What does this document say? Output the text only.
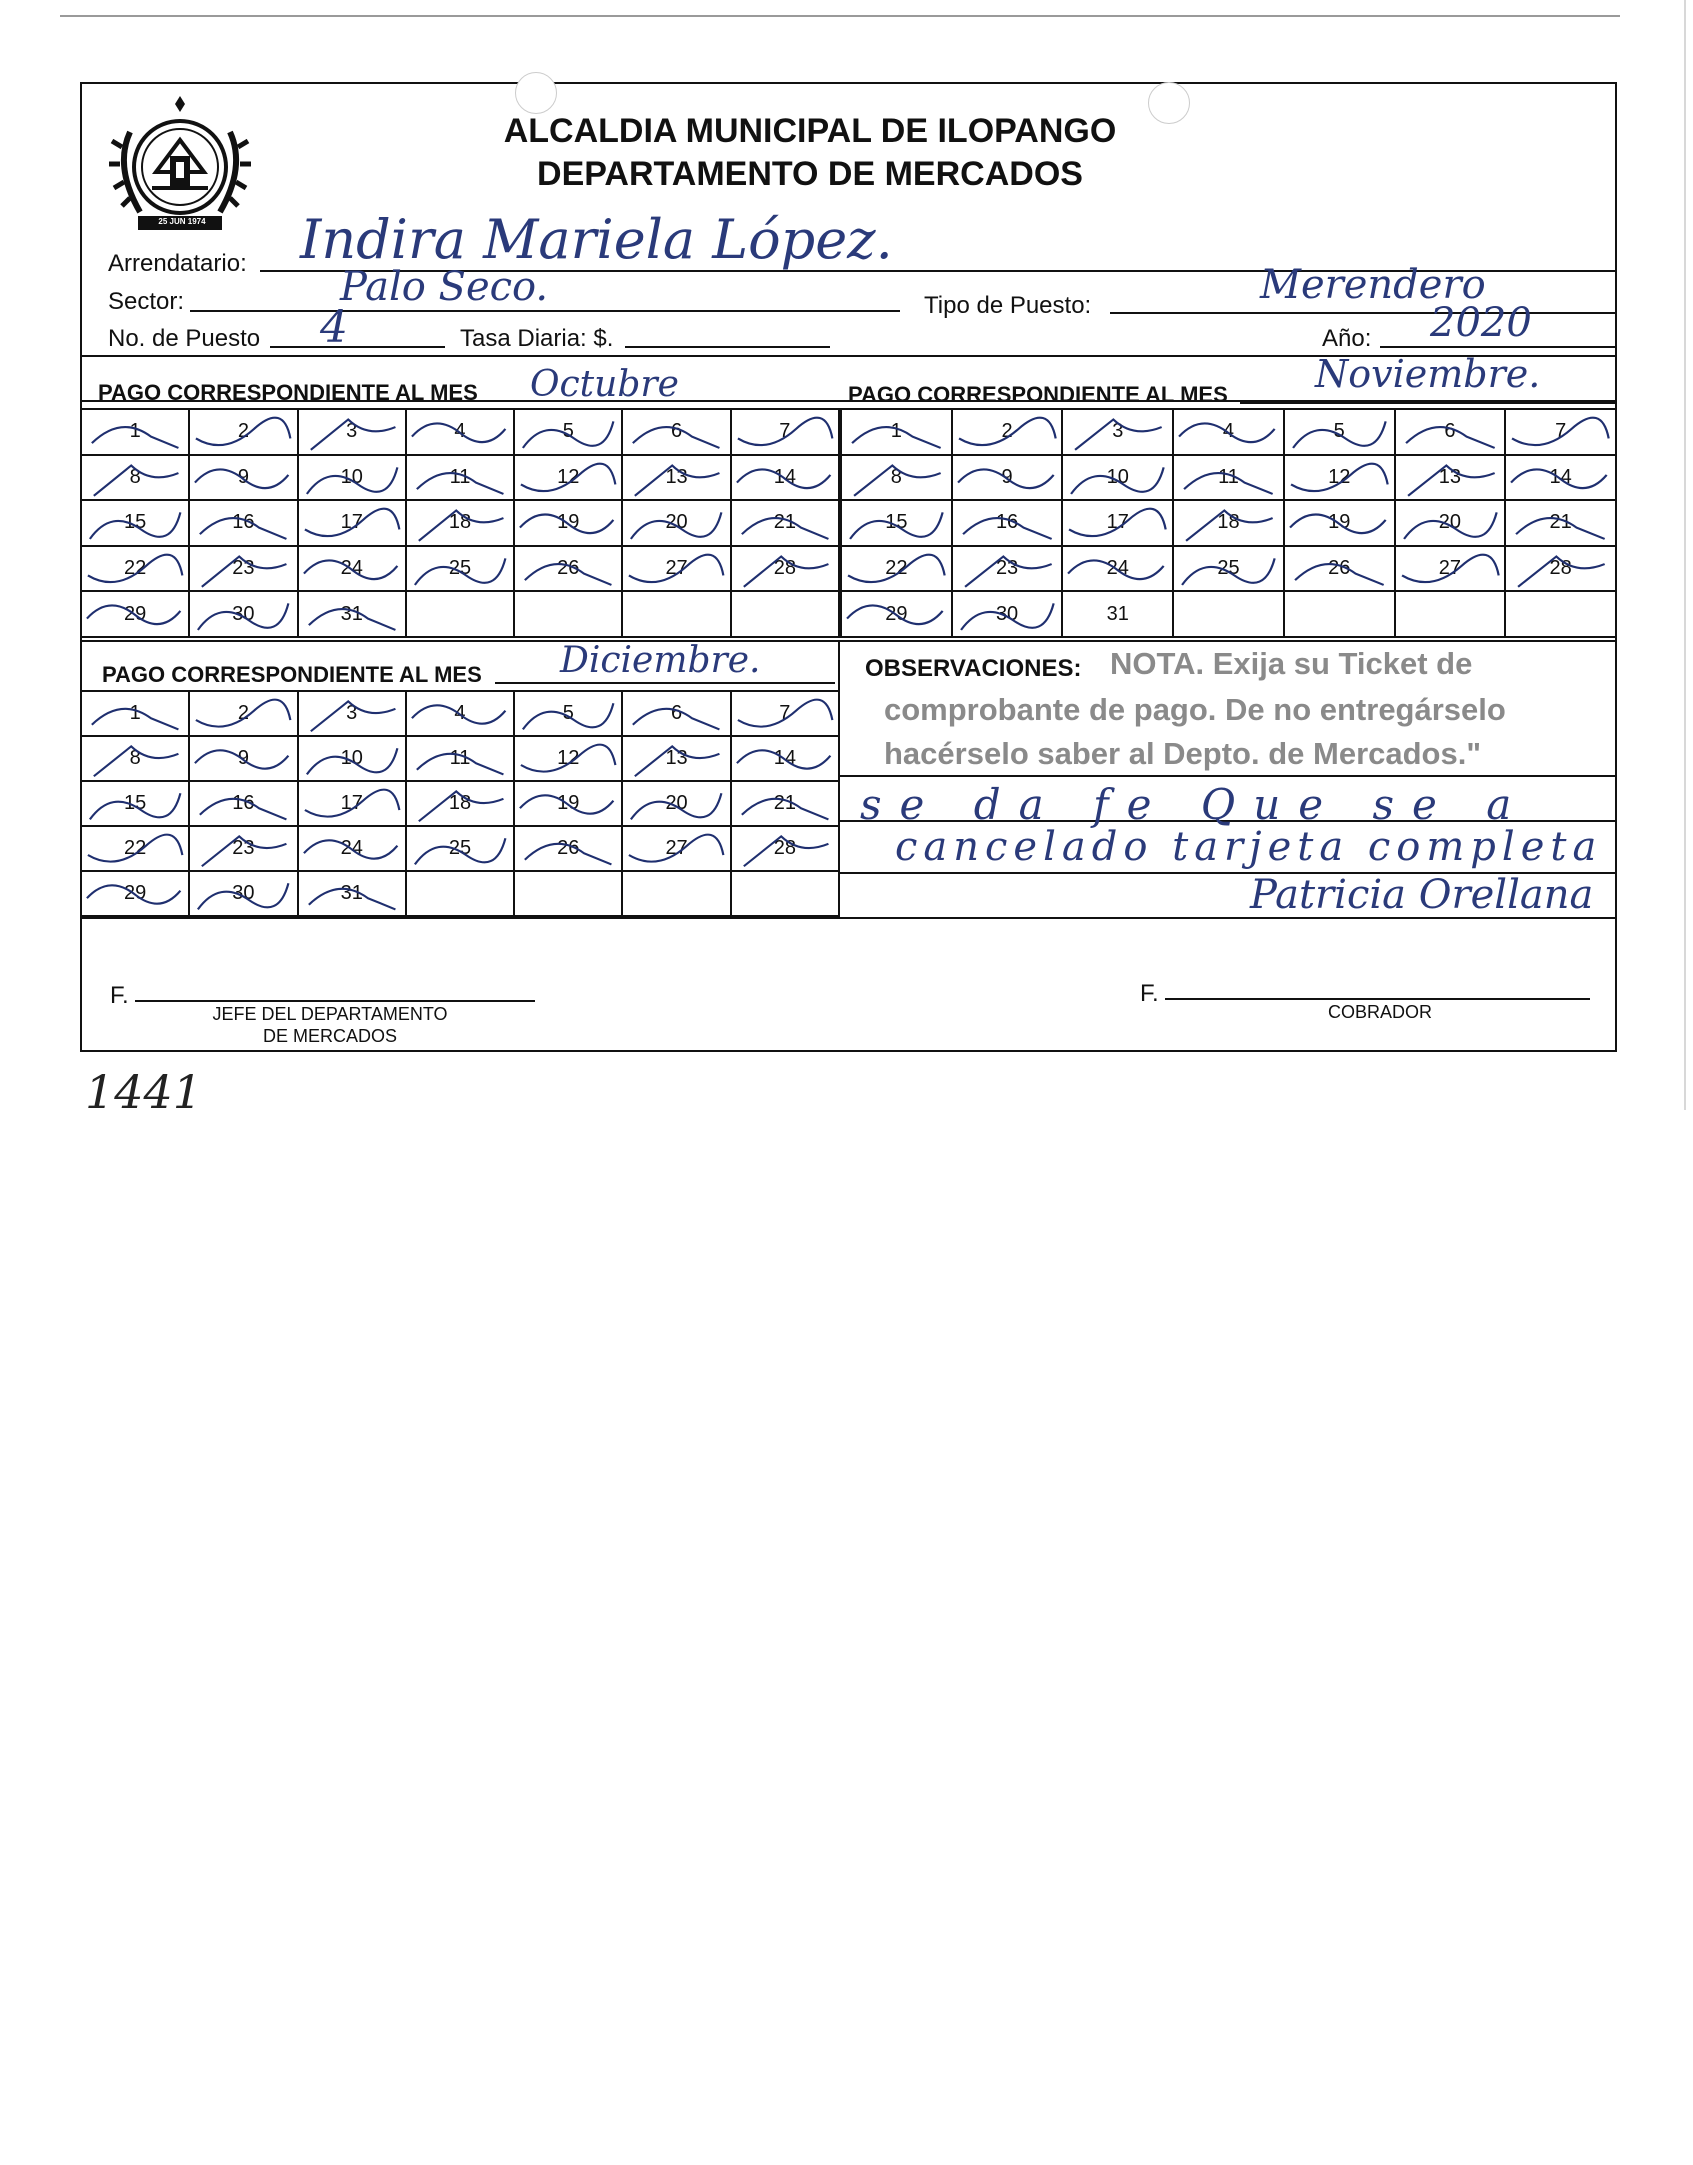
25 JUN 1974
ALCALDIA MUNICIPAL DE ILOPANGO
DEPARTAMENTO DE MERCADOS
Arrendatario: Indira Mariela López.
Sector:	Palo Seco.	Tipo de Puesto:	Merendero
No. de Puesto 4	Tasa Diaria: $.	Año: 2020
PAGO CORRESPONDIENTE AL MES Octubre	PAGO CORRESPONDIENTE AL MES Noviembre.
1	2	3	4	5	6	7
8	9	10	11	12	13	14
15	16	17	18	19	20	21
22	23	24	25	26	27	28
29	30	31
1	2	3	4	5	6	7
8	9	10	11	12	13	14
15	16	17	18	19	20	21
22	23	24	25	26	27	28
29	30	31
PAGO CORRESPONDIENTE AL MES Diciembre.
1	2	3	4	5	6	7
8	9	10	11	12	13	14
15	16	17	18	19	20	21
22	23	24	25	26	27	28
29	30	31
OBSERVACIONES: NOTA. Exija su Ticket de
comprobante de pago. De no entregárselo
hacérselo saber al Depto. de Mercados."
se da fe Que se a
cancelado tarjeta completa
Patricia Orellana
F.
JEFE DEL DEPARTAMENTO
DE MERCADOS
F.
COBRADOR
1441
